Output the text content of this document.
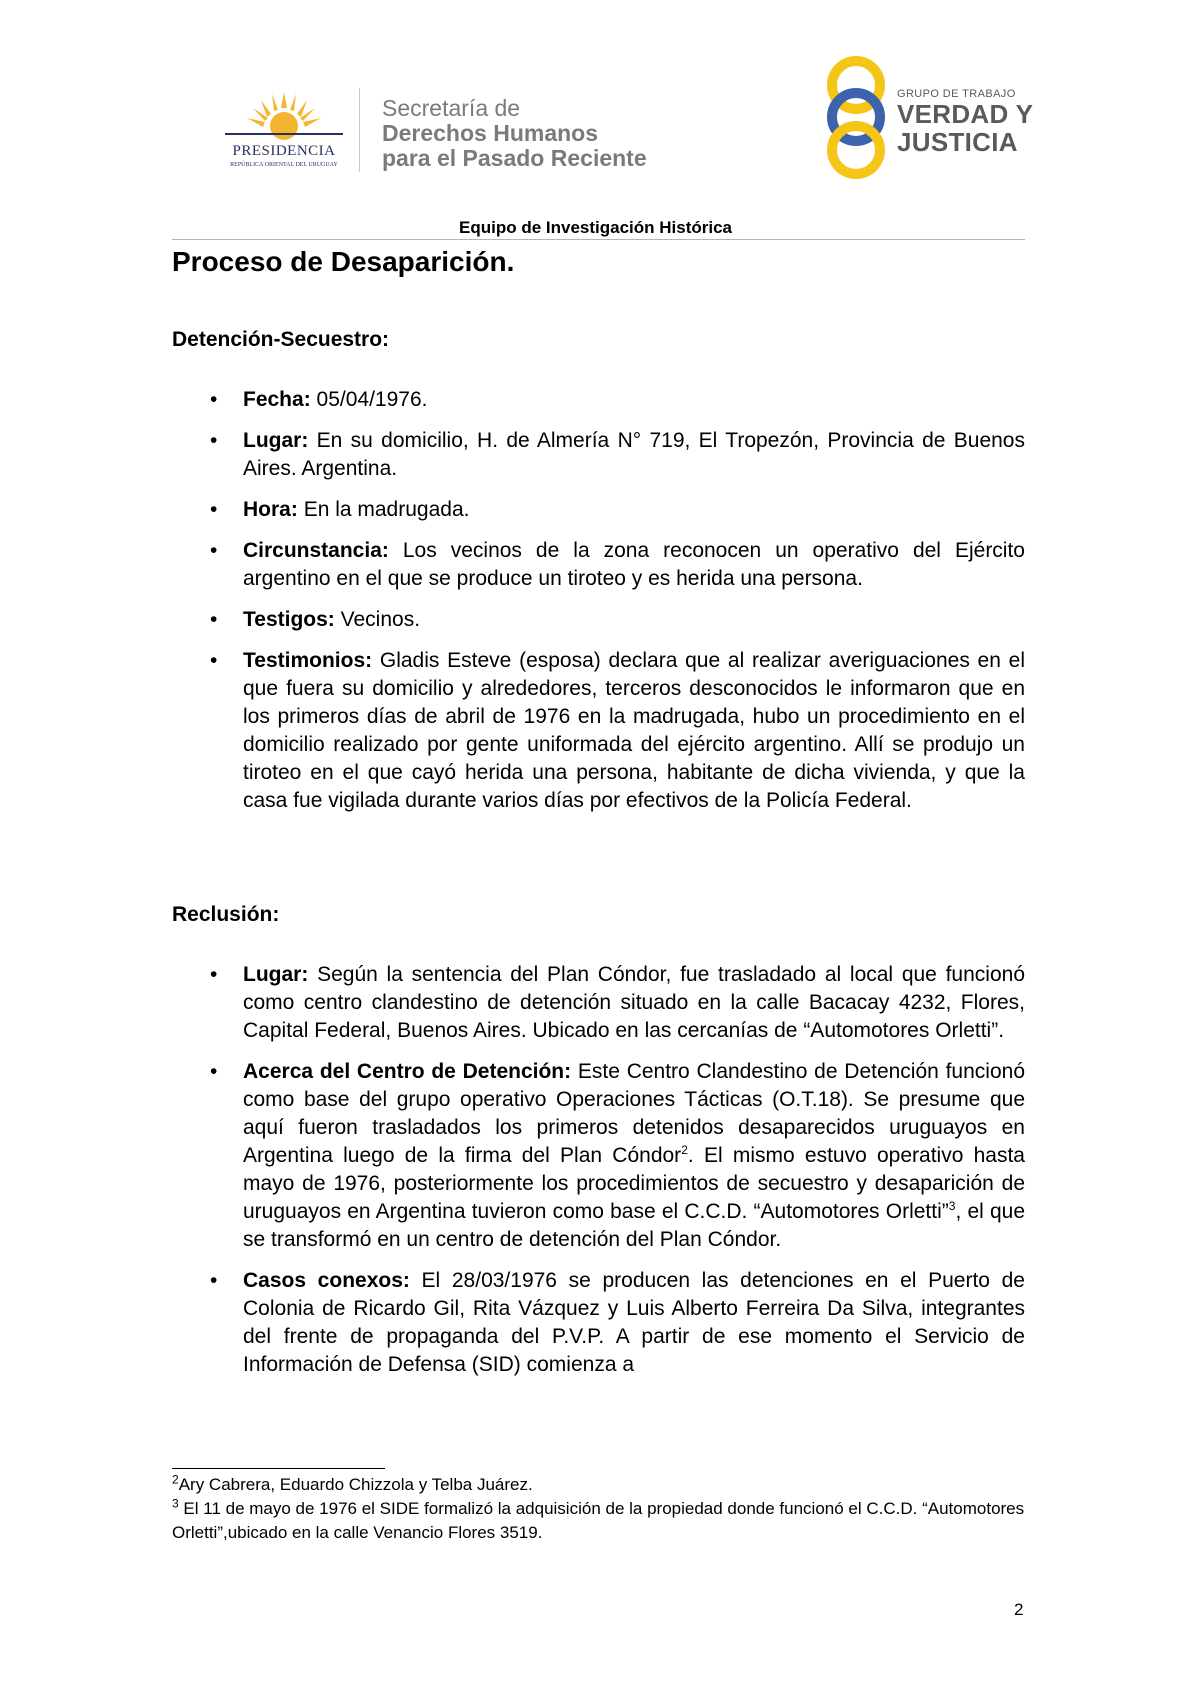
PRESIDENCIA
REPÚBLICA ORIENTAL DEL URUGUAY
Secretaría de
Derechos Humanos
para el Pasado Reciente
GRUPO DE TRABAJO
VERDAD Y
JUSTICIA
Equipo de Investigación Histórica
Proceso de Desaparición.
Detención-Secuestro:
• Fecha: 05/04/1976.
• Lugar: En su domicilio, H. de Almería N° 719, El Tropezón, Provincia de Buenos Aires. Argentina.
• Hora: En la madrugada.
• Circunstancia: Los vecinos de la zona reconocen un operativo del Ejército argentino en el que se produce un tiroteo y es herida una persona.
• Testigos: Vecinos.
• Testimonios: Gladis Esteve (esposa) declara que al realizar averiguaciones en el que fuera su domicilio y alrededores, terceros desconocidos le informaron que en los primeros días de abril de 1976 en la madrugada, hubo un procedimiento en el domicilio realizado por gente uniformada del ejército argentino. Allí se produjo un tiroteo en el que cayó herida una persona, habitante de dicha vivienda, y que la casa fue vigilada durante varios días por efectivos de la Policía Federal.
Reclusión:
• Lugar: Según la sentencia del Plan Cóndor, fue trasladado al local que funcionó como centro clandestino de detención situado en la calle Bacacay 4232, Flores, Capital Federal, Buenos Aires. Ubicado en las cercanías de “Automotores Orletti”.
• Acerca del Centro de Detención: Este Centro Clandestino de Detención funcionó como base del grupo operativo Operaciones Tácticas (O.T.18). Se presume que aquí fueron trasladados los primeros detenidos desaparecidos uruguayos en Argentina luego de la firma del Plan Cóndor$^2$. El mismo estuvo operativo hasta mayo de 1976, posteriormente los procedimientos de secuestro y desaparición de uruguayos en Argentina tuvieron como base el C.C.D. “Automotores Orletti”$^3$, el que se transformó en un centro de detención del Plan Cóndor.
• Casos conexos: El 28/03/1976 se producen las detenciones en el Puerto de Colonia de Ricardo Gil, Rita Vázquez y Luis Alberto Ferreira Da Silva, integrantes del frente de propaganda del P.V.P. A partir de ese momento el Servicio de Información de Defensa (SID) comienza a
$^2$Ary Cabrera, Eduardo Chizzola y Telba Juárez.
$^3$ El 11 de mayo de 1976 el SIDE formalizó la adquisición de la propiedad donde funcionó el C.C.D. “Automotores Orletti”,ubicado en la calle Venancio Flores 3519.
2
